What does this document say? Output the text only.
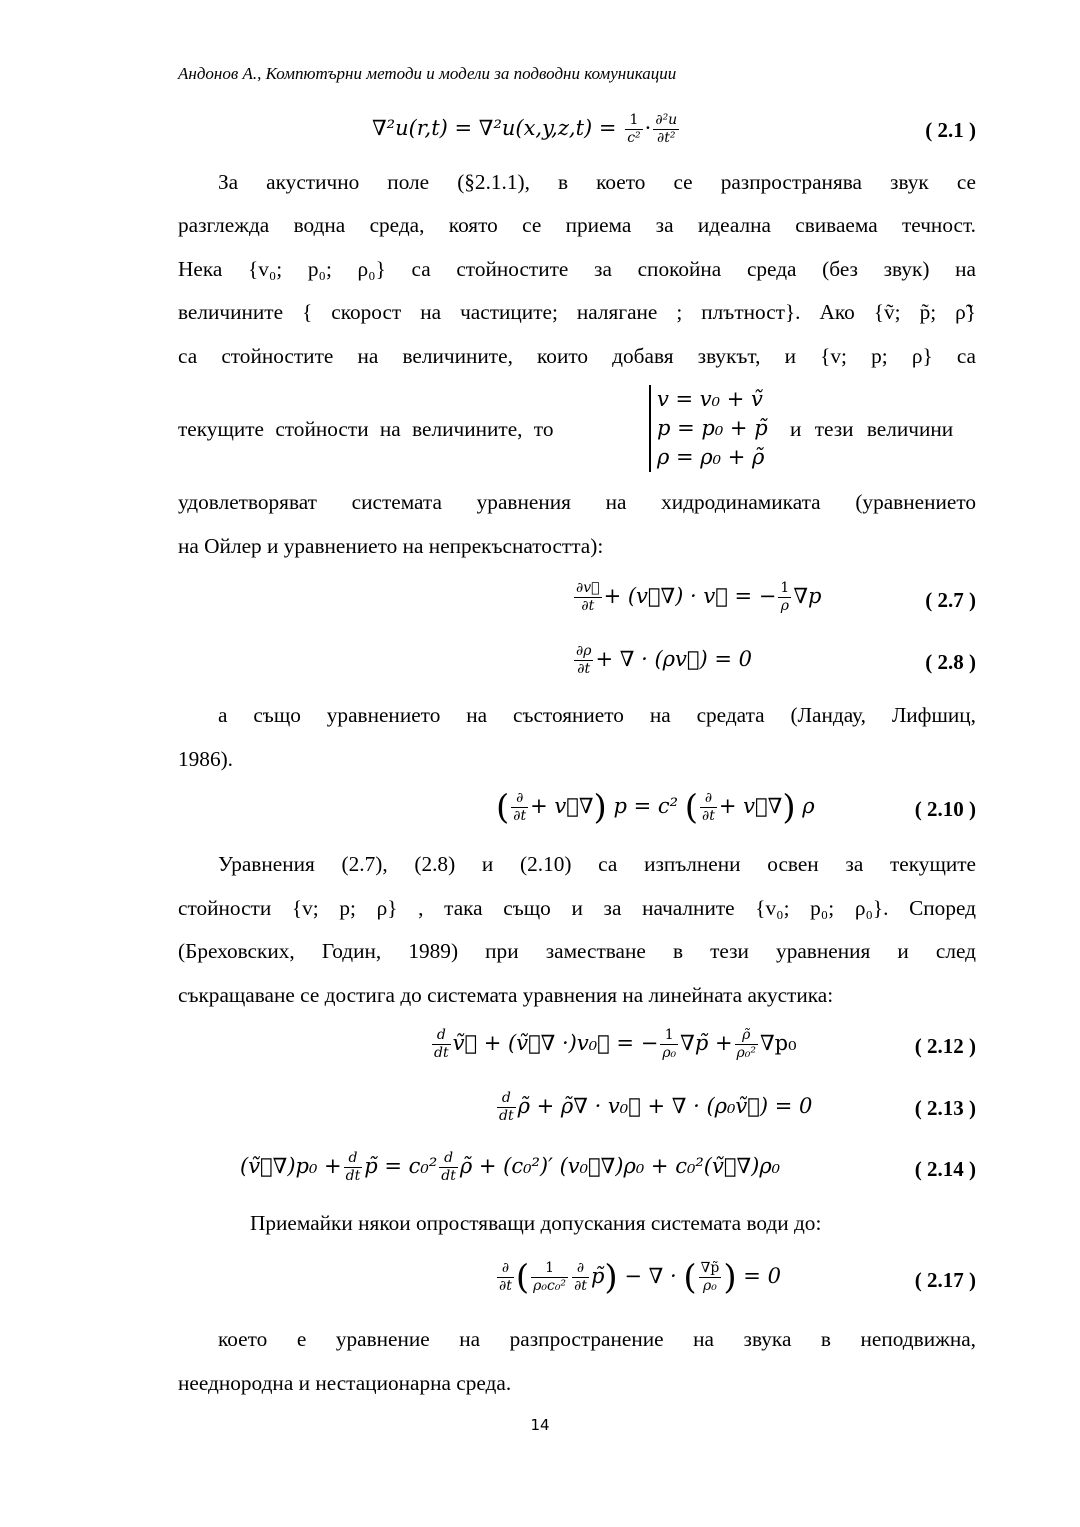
Андонов А., Компютърни методи и модели за подводни комуникации
$\nabla^2u(r,t) = \nabla^2u(x,y,z,t) = \frac{1}{\text{c²}} \cdot \frac{\text{∂²u}}{\text{∂t²}}$	( 2.1 )
За акустично поле (§2.1.1), в което се разпространява звук се
разглежда водна среда, която се приема за идеална свиваема течност.
Нека {v₀; p₀; ρ₀} са стойностите за спокойна среда (без звук) на
величините { скорост на частиците; налягане ; плътност}. Ако {ṽ; p̃; ρ̃}
са стойностите на величините, които добавя звукът, и {v; p; ρ} са
текущите стойности на величините, то
v = v₀ + ṽ
p = p₀ + p̃
ρ = ρ₀ + ρ̃
и тези величини
удовлетворяват системата уравнения на хидродинамиката (уравнението
на Ойлер и уравнението на непрекъснатостта):
$\frac{\partial v⃗}{\partial t}$ + (v⃗∇) · v⃗ = − $\frac{1}{\rho} \nabla p$	( 2.7 )
$\frac{\partial\rho}{\partial t}$ + ∇ · (ρv⃗) = 0	( 2.8 )
а също уравнението на състоянието на средата (Ландау, Лифшиц,
1986).
( $\frac{\partial}{\partial t}$ + v⃗∇) p = c² ( $\frac{\partial}{\partial t}$ + v⃗∇) ρ	( 2.10 )
Уравнения (2.7), (2.8) и (2.10) са изпълнени освен за текущите
стойности {v; p; ρ} , така също и за началните {v₀; p₀; ρ₀}. Според
(Бреховских, Годин, 1989) при заместване в тези уравнения и след
съкращаване се достига до системата уравнения на линейната акустика:
$\frac{d}{dt}$ ṽ⃗ + (ṽ⃗∇ ·)v₀⃗ = − $\frac{1}{\text{ρ₀}}$ ∇p̃ + $\frac{\rhõ}{\text{ρ₀²}} \nabla p_0$	( 2.12 )
$\frac{d}{dt}$ ρ̃ + ρ̃∇ · v₀⃗ + ∇ · (ρ₀ṽ⃗) = 0	( 2.13 )
(ṽ⃗∇)p₀ + $\frac{d}{dt}$ p̃ = $c_0^2 \frac{d}{dt}$ ρ̃ + (c₀²)′ (v₀⃗∇)ρ₀ + c₀²(ṽ⃗∇)ρ₀	( 2.14 )
Приемайки някои опростяващи допускания системата води до:
$\frac{\partial}{\partial t}$ ( $\frac{1}{\text{ρ₀c₀²}} \frac{\partial}{\partial t}$ p̃) − ∇ · ( $\frac{\nabla p̃}{\text{ρ₀}}$ ) = 0	( 2.17 )
което е уравнение на разпространение на звука в неподвижна,
нееднородна и нестационарна среда.
14
